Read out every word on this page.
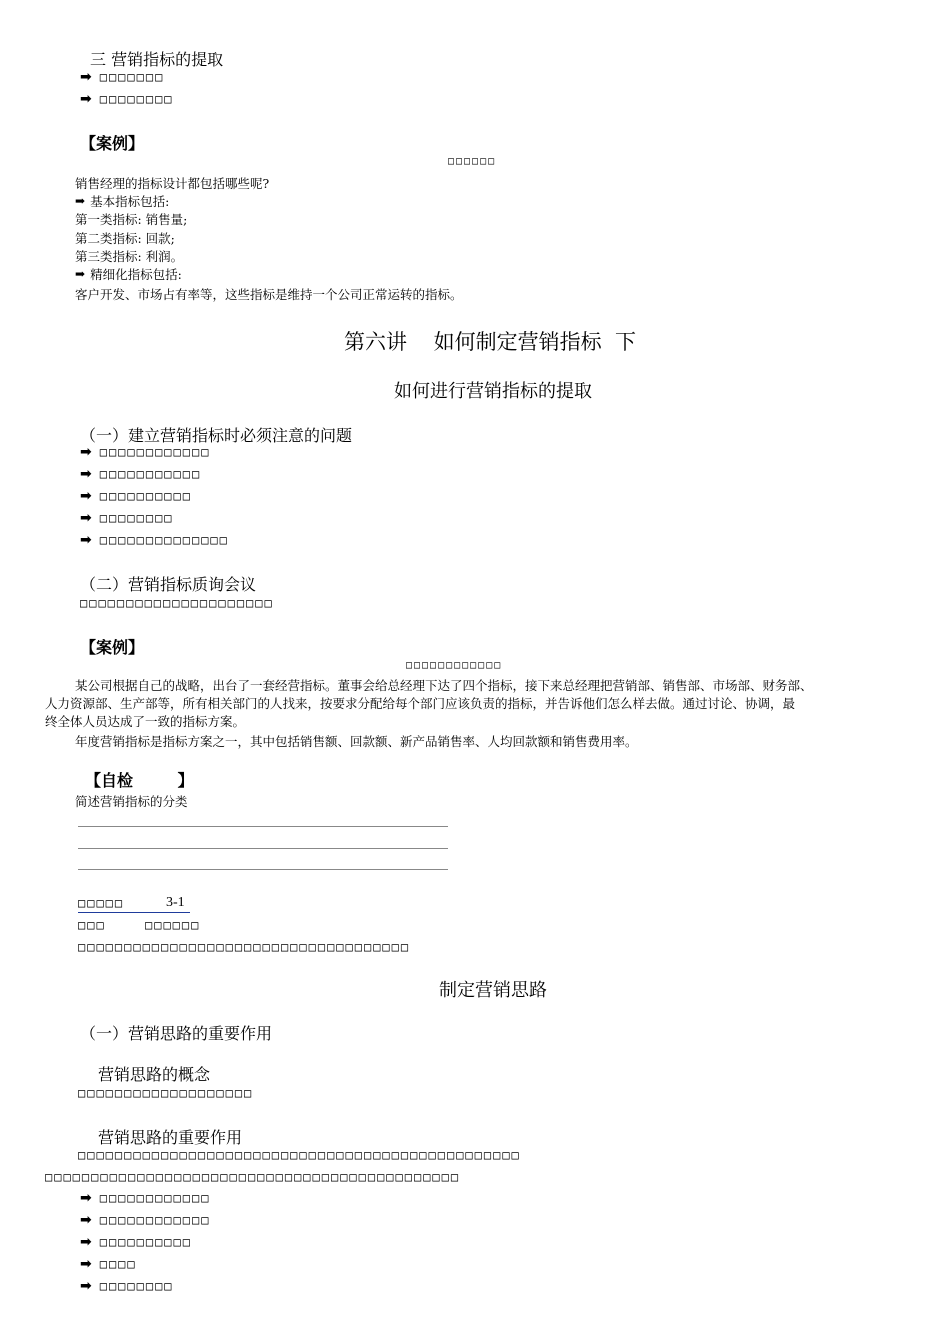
三 营销指标的提取
➡ □□□□□□□
➡ □□□□□□□□
【案例】
□□□□□□
销售经理的指标设计都包括哪些呢?
➡ 基本指标包括:
第一类指标: 销售量;
第二类指标: 回款;
第三类指标: 利润。
➡ 精细化指标包括:
客户开发、市场占有率等，这些指标是维持一个公司正常运转的指标。
第六讲    如何制定营销指标  下
如何进行营销指标的提取
（一）建立营销指标时必须注意的问题
➡ □□□□□□□□□□□□
➡ □□□□□□□□□□□
➡ □□□□□□□□□□
➡ □□□□□□□□
➡ □□□□□□□□□□□□□□
（二）营销指标质询会议
□□□□□□□□□□□□□□□□□□□□□
【案例】
□□□□□□□□□□□□
某公司根据自己的战略，出台了一套经营指标。董事会给总经理下达了四个指标，接下来总经理把营销部、销售部、市场部、财务部、
人力资源部、生产部等，所有相关部门的人找来，按要求分配给每个部门应该负责的指标，并告诉他们怎么样去做。通过讨论、协调，最
终全体人员达成了一致的指标方案。
年度营销指标是指标方案之一，其中包括销售额、回款额、新产品销售率、人均回款额和销售费用率。
【自检        】
简述营销指标的分类
□□□□□	3-1
□□□	□□□□□□
□□□□□□□□□□□□□□□□□□□□□□□□□□□□□□□□□□□□
制定营销思路
（一）营销思路的重要作用
营销思路的概念
□□□□□□□□□□□□□□□□□□□
营销思路的重要作用
□□□□□□□□□□□□□□□□□□□□□□□□□□□□□□□□□□□□□□□□□□□□□□□□
□□□□□□□□□□□□□□□□□□□□□□□□□□□□□□□□□□□□□□□□□□□□□
➡ □□□□□□□□□□□□
➡ □□□□□□□□□□□□
➡ □□□□□□□□□□
➡ □□□□
➡ □□□□□□□□
